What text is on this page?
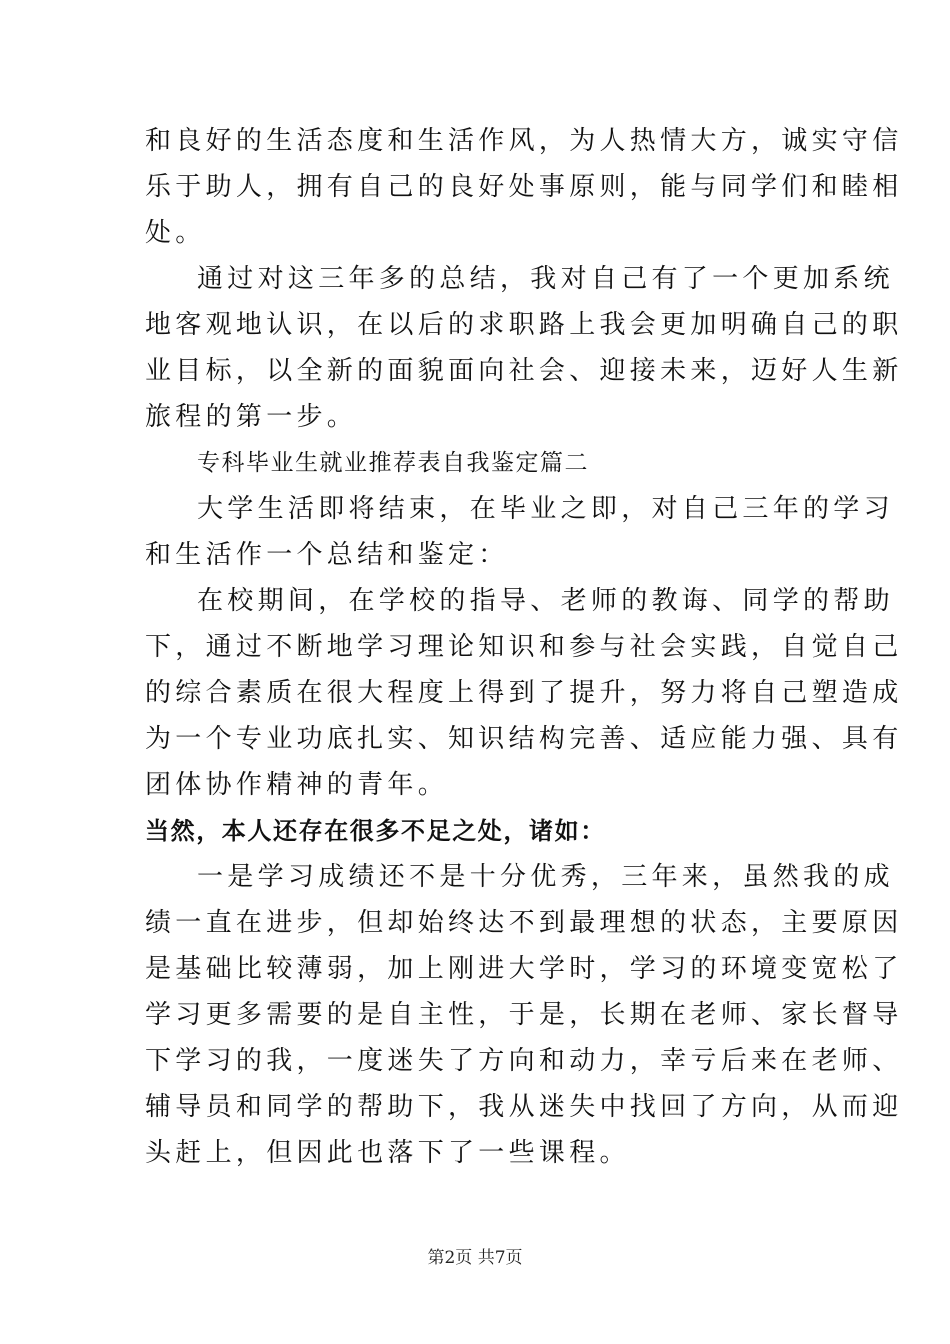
和良好的生活态度和生活作风，为人热情大方，诚实守信
乐于助人，拥有自己的良好处事原则，能与同学们和睦相
处。
通过对这三年多的总结，我对自己有了一个更加系统
地客观地认识，在以后的求职路上我会更加明确自己的职
业目标，以全新的面貌面向社会、迎接未来，迈好人生新
旅程的第一步。
专科毕业生就业推荐表自我鉴定篇二
大学生活即将结束，在毕业之即，对自己三年的学习
和生活作一个总结和鉴定：
在校期间，在学校的指导、老师的教诲、同学的帮助
下，通过不断地学习理论知识和参与社会实践，自觉自己
的综合素质在很大程度上得到了提升，努力将自己塑造成
为一个专业功底扎实、知识结构完善、适应能力强、具有
团体协作精神的青年。
当然，本人还存在很多不足之处，诸如：
一是学习成绩还不是十分优秀，三年来，虽然我的成
绩一直在进步，但却始终达不到最理想的状态，主要原因
是基础比较薄弱，加上刚进大学时，学习的环境变宽松了
学习更多需要的是自主性，于是，长期在老师、家长督导
下学习的我，一度迷失了方向和动力，幸亏后来在老师、
辅导员和同学的帮助下，我从迷失中找回了方向，从而迎
头赶上，但因此也落下了一些课程。
第2页 共7页
